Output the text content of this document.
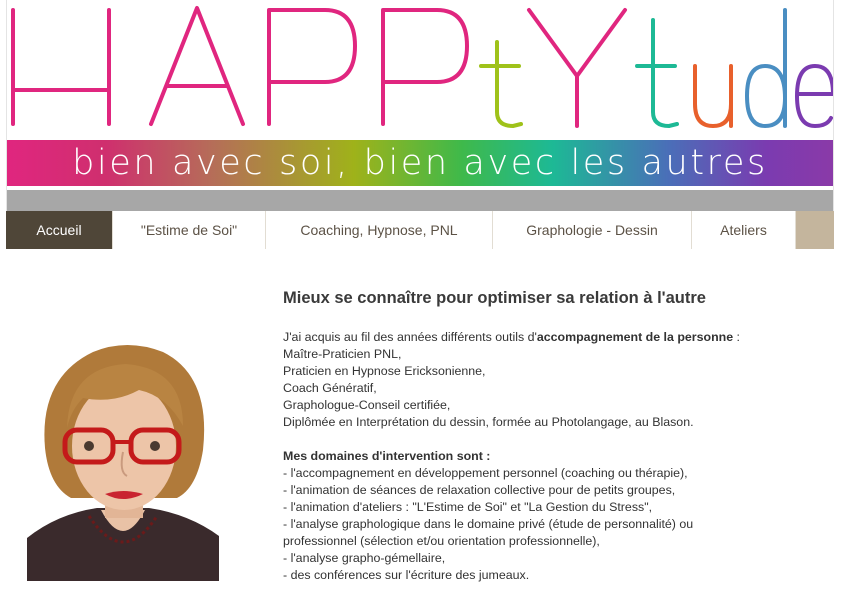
bien avec soi, bien avec les autres
Accueil	"Estime de Soi"	Coaching, Hypnose, PNL	Graphologie - Dessin	Ateliers
Mieux se connaître pour optimiser sa relation à l'autre
J'ai acquis au fil des années différents outils d'accompagnement de la personne :
Maître-Praticien PNL,
Praticien en Hypnose Ericksonienne,
Coach Génératif,
Graphologue-Conseil certifiée,
Diplômée en Interprétation du dessin, formée au Photolangage, au Blason.
Mes domaines d'intervention sont :
- l'accompagnement en développement personnel (coaching ou thérapie),
- l'animation de séances de relaxation collective pour de petits groupes,
- l'animation d'ateliers : "L'Estime de Soi" et "La Gestion du Stress",
- l'analyse graphologique dans le domaine privé (étude de personnalité) ou
professionnel (sélection et/ou orientation professionnelle),
- l'analyse grapho-gémellaire,
- des conférences sur l'écriture des jumeaux.
